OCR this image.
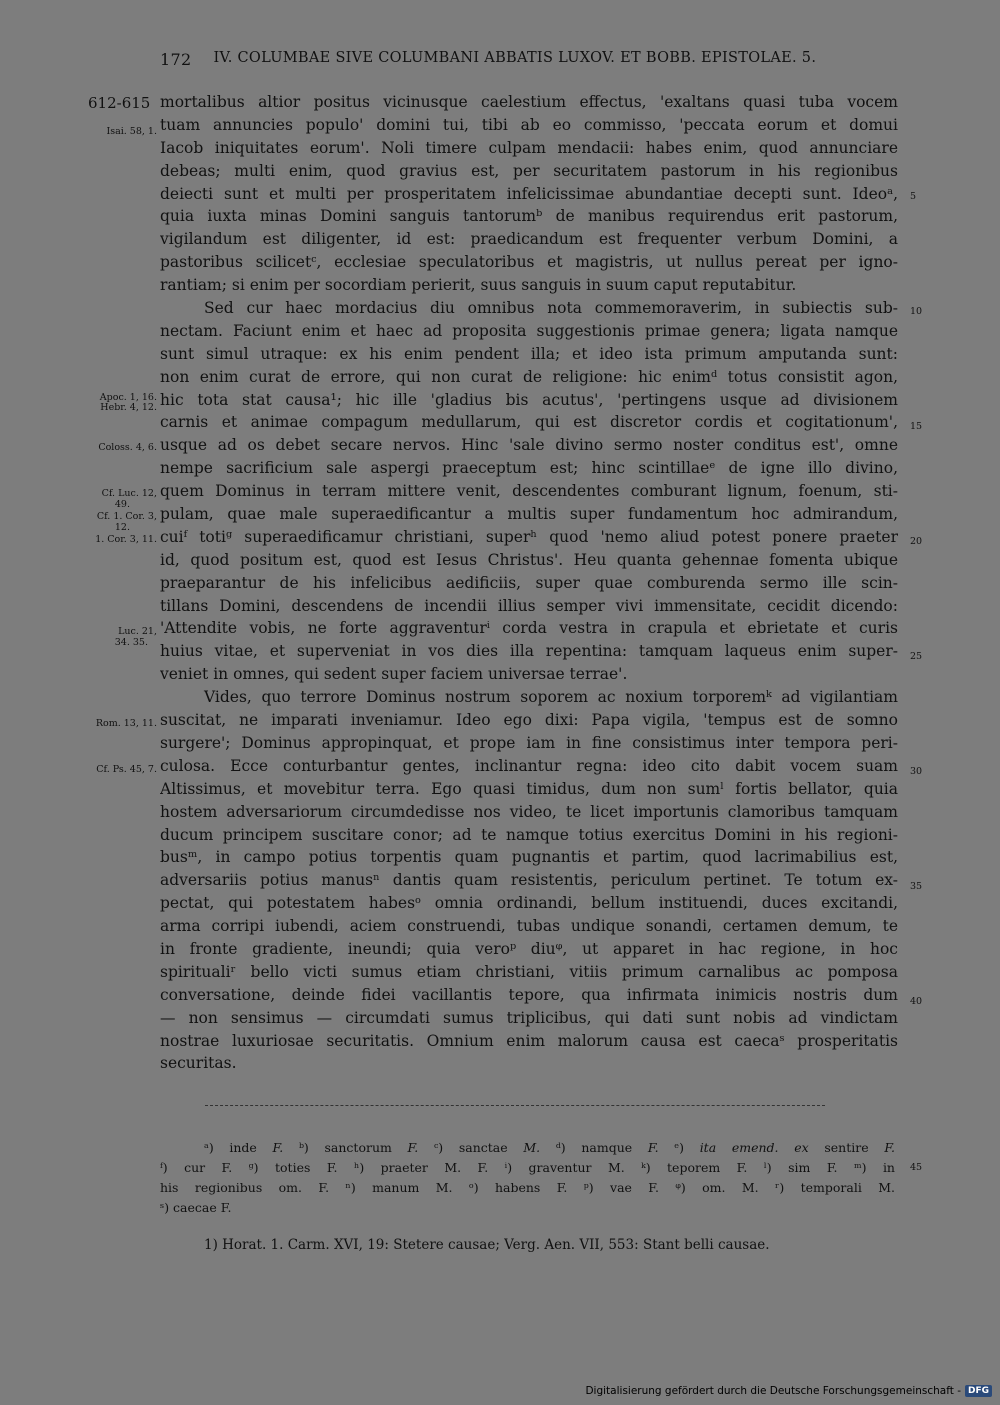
172 IV. COLUMBAE SIVE COLUMBANI ABBATIS LUXOV. ET BOBB. EPISTOLAE. 5.
612-615 mortalibus altior positus vicinusque caelestium effectus, 'exaltans quasi tuba vocem
tuam annuncies populo' domini tui, tibi ab eo commisso, 'peccata eorum et domui
Iacob iniquitates eorum'. Noli timere culpam mendacii: habes enim, quod annunciare
debeas; multi enim, quod gravius est, per securitatem pastorum in his regionibus
deiecti sunt et multi per prosperitatem infelicissimae abundantiae decepti sunt. Ideoᵃ,
quia iuxta minas Domini sanguis tantorumᵇ de manibus requirendus erit pastorum,
vigilandum est diligenter, id est: praedicandum est frequenter verbum Domini, a
pastoribus scilicetᶜ, ecclesiae speculatoribus et magistris, ut nullus pereat per igno-
rantiam; si enim per socordiam perierit, suus sanguis in suum caput reputabitur.
Sed cur haec mordacius diu omnibus nota commemoraverim, in subiectis sub-
nectam. Faciunt enim et haec ad proposita suggestionis primae genera; ligata namque
sunt simul utraque: ex his enim pendent illa; et ideo ista primum amputanda sunt:
non enim curat de errore, qui non curat de religione: hic enimᵈ totus consistit agon,
hic tota stat causa¹; hic ille 'gladius bis acutus', 'pertingens usque ad divisionem
carnis et animae compagum medullarum, qui est discretor cordis et cogitationum',
usque ad os debet secare nervos. Hinc 'sale divino sermo noster conditus est', omne
nempe sacrificium sale aspergi praeceptum est; hinc scintillaeᵉ de igne illo divino,
quem Dominus in terram mittere venit, descendentes comburant lignum, foenum, sti-
pulam, quae male superaedificantur a multis super fundamentum hoc admirandum,
cuiᶠ totiᵍ superaedificamur christiani, superʰ quod 'nemo aliud potest ponere praeter
id, quod positum est, quod est Iesus Christus'. Heu quanta gehennae fomenta ubique
praeparantur de his infelicibus aedificiis, super quae comburenda sermo ille scin-
tillans Domini, descendens de incendii illius semper vivi immensitate, cecidit dicendo:
'Attendite vobis, ne forte aggraventurⁱ corda vestra in crapula et ebrietate et curis
huius vitae, et superveniat in vos dies illa repentina: tamquam laqueus enim super-
veniet in omnes, qui sedent super faciem universae terrae'.
Vides, quo terrore Dominus nostrum soporem ac noxium torporemᵏ ad vigilantiam
suscitat, ne imparati inveniamur. Ideo ego dixi: Papa vigila, 'tempus est de somno
surgere'; Dominus appropinquat, et prope iam in fine consistimus inter tempora peri-
culosa. Ecce conturbantur gentes, inclinantur regna: ideo cito dabit vocem suam
Altissimus, et movebitur terra. Ego quasi timidus, dum non sumˡ fortis bellator, quia
hostem adversariorum circumdedisse nos video, te licet importunis clamoribus tamquam
ducum principem suscitare conor; ad te namque totius exercitus Domini in his regioni-
busᵐ, in campo potius torpentis quam pugnantis et partim, quod lacrimabilius est,
adversariis potius manusⁿ dantis quam resistentis, periculum pertinet. Te totum ex-
pectat, qui potestatem habesᵒ omnia ordinandi, bellum instituendi, duces excitandi,
arma corripi iubendi, aciem construendi, tubas undique sonandi, certamen demum, te
in fronte gradiente, ineundi; quia veroᵖ diuᵠ, ut apparet in hac regione, in hoc
spiritualiʳ bello victi sumus etiam christiani, vitiis primum carnalibus ac pomposa
conversatione, deinde fidei vacillantis tepore, qua infirmata inimicis nostris dum
— non sensimus — circumdati sumus triplicibus, qui dati sunt nobis ad vindictam
nostrae luxuriosae securitatis. Omnium enim malorum causa est caecaˢ prosperitatis
securitas.
Isai. 58, 1.
Apoc. 1, 16.
Hebr. 4, 12.
Coloss. 4, 6.
Cf. Luc. 12,
49.
Cf. 1. Cor. 3,
12.
1. Cor. 3, 11.
Luc. 21,
34. 35.
Rom. 13, 11.
Cf. Ps. 45, 7.
5
10
15
20
25
30
35
40
45
ᵃ) inde F. ᵇ) sanctorum F. ᶜ) sanctae M. ᵈ) namque F. ᵉ) ita emend. ex sentire F.
ᶠ) cur F. ᵍ) toties F. ʰ) praeter M. F. ⁱ) graventur M. ᵏ) teporem F. ˡ) sim F. ᵐ) in
his regionibus om. F. ⁿ) manum M. ᵒ) habens F. ᵖ) vae F. ᵠ) om. M. ʳ) temporali M.
ˢ) caecae F.
1) Horat. 1. Carm. XVI, 19: Stetere causae; Verg. Aen. VII, 553: Stant belli causae.
Digitalisierung gefördert durch die Deutsche Forschungsgemeinschaft - DFG
